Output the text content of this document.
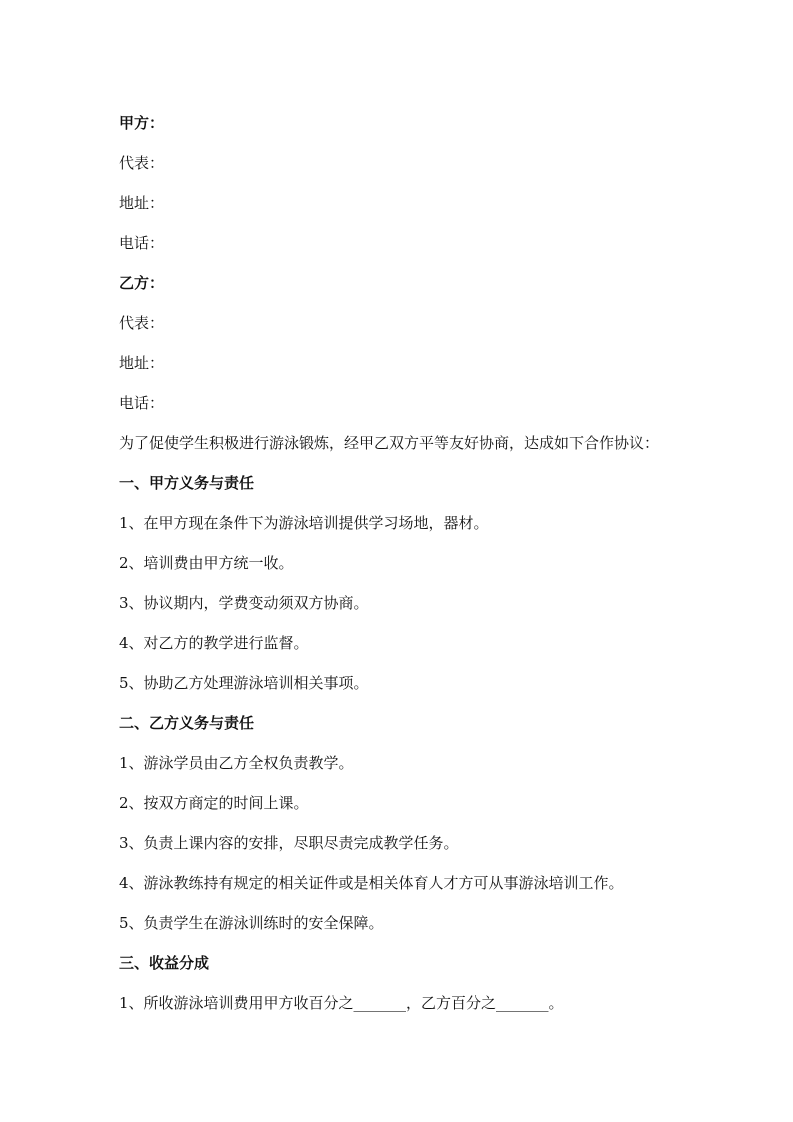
甲方：
代表：
地址：
电话：
乙方：
代表：
地址：
电话：
为了促使学生积极进行游泳锻炼，经甲乙双方平等友好协商，达成如下合作协议：
一、甲方义务与责任
1、在甲方现在条件下为游泳培训提供学习场地，器材。
2、培训费由甲方统一收。
3、协议期内，学费变动须双方协商。
4、对乙方的教学进行监督。
5、协助乙方处理游泳培训相关事项。
二、乙方义务与责任
1、游泳学员由乙方全权负责教学。
2、按双方商定的时间上课。
3、负责上课内容的安排，尽职尽责完成教学任务。
4、游泳教练持有规定的相关证件或是相关体育人才方可从事游泳培训工作。
5、负责学生在游泳训练时的安全保障。
三、收益分成
1、所收游泳培训费用甲方收百分之_______，乙方百分之_______。
